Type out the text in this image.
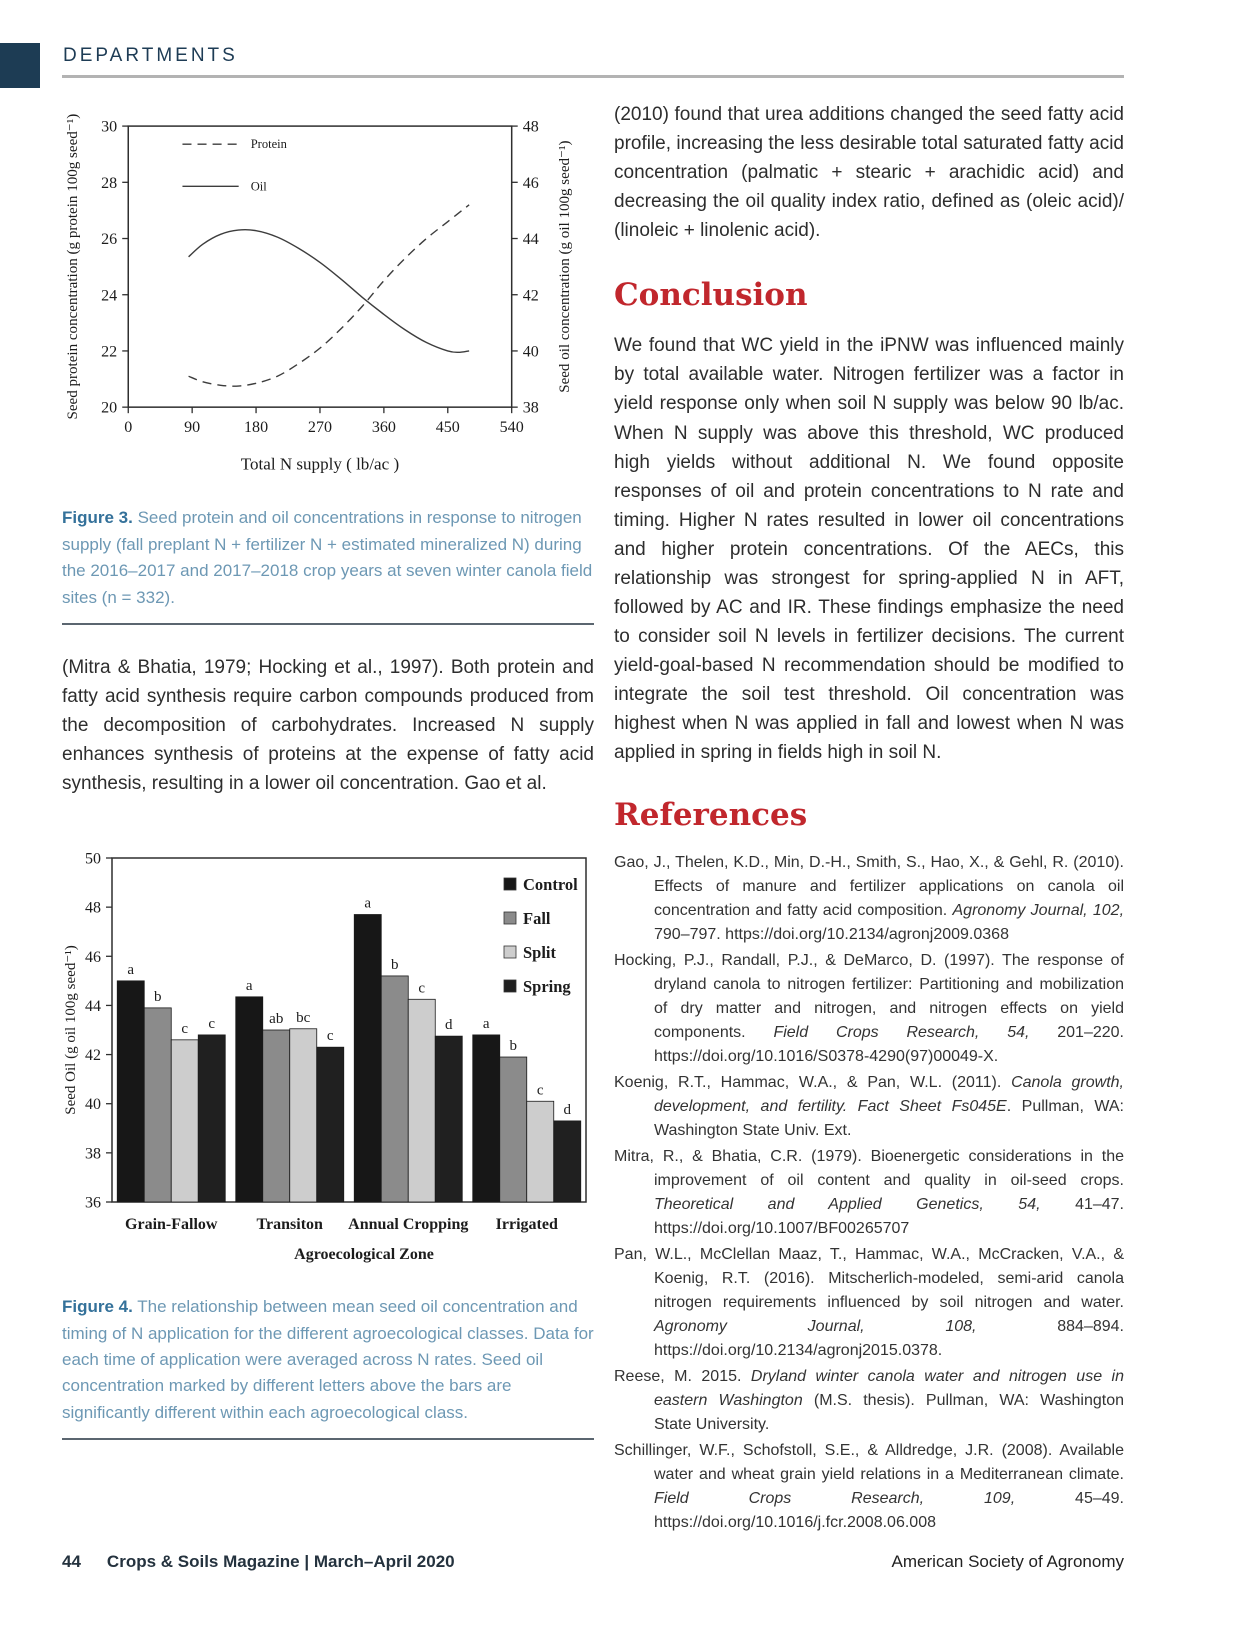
DEPARTMENTS
20
22
24
26
28
30
38
40
42
44
46
48
0	90	180 270 360 450 540
Total N supply ( lb/ac )
Seed protein concentration (g protein 100g seed⁻¹)	Seed oil concentration (g oil 100g seed⁻¹)
Protein
Oil

Figure 3. Seed protein and oil concentrations in response to nitrogen supply (fall preplant N + fertilizer N + estimated mineralized N) during the 2016–2017 and 2017–2018 crop years at seven winter canola field sites (n = 332).

(Mitra & Bhatia, 1979; Hocking et al., 1997). Both protein and fatty acid synthesis require carbon compounds produced from the decomposition of carbohydrates. Increased N supply enhances synthesis of proteins at the expense of fatty acid synthesis, resulting in a lower oil concentration. Gao et al.

36
38
40
42
44
46
48
50
Seed Oil (g oil 100g seed⁻¹)	a
b
c c
Grain-Fallow
a
ab bc
c
Transiton
a
b
c
d
Annual Cropping
a
b
c
d
Irrigated
Agroecological Zone
Control
Fall
Split
Spring

Figure 4. The relationship between mean seed oil concentration and timing of N application for the different agroecological classes. Data for each time of application were averaged across N rates. Seed oil concentration marked by different letters above the bars are significantly different within each agroecological class.

(2010) found that urea additions changed the seed fatty acid profile, increasing the less desirable total saturated fatty acid concentration (palmatic + stearic + arachidic acid) and decreasing the oil quality index ratio, defined as (oleic acid)/ (linoleic + linolenic acid).

Conclusion

We found that WC yield in the iPNW was influenced mainly by total available water. Nitrogen fertilizer was a factor in yield response only when soil N supply was below 90 lb/ac. When N supply was above this threshold, WC produced high yields without additional N. We found opposite responses of oil and protein concentrations to N rate and timing. Higher N rates resulted in lower oil concentrations and higher protein concentrations. Of the AECs, this relationship was strongest for spring-applied N in AFT, followed by AC and IR. These findings emphasize the need to consider soil N levels in fertilizer decisions. The current yield-goal-based N recommendation should be modified to integrate the soil test threshold. Oil concentration was highest when N was applied in fall and lowest when N was applied in spring in fields high in soil N.

References

Gao, J., Thelen, K.D., Min, D.-H., Smith, S., Hao, X., & Gehl, R. (2010). Effects of manure and fertilizer applications on canola oil concentration and fatty acid composition. Agronomy Journal, 102, 790–797. https://doi.org/10.2134/agronj2009.0368

Hocking, P.J., Randall, P.J., & DeMarco, D. (1997). The response of dryland canola to nitrogen fertilizer: Partitioning and mobilization of dry matter and nitrogen, and nitrogen effects on yield components. Field Crops Research, 54, 201–220. https://doi.org/10.1016/S0378-4290(97)00049-X.

Koenig, R.T., Hammac, W.A., & Pan, W.L. (2011). Canola growth, development, and fertility. Fact Sheet Fs045E. Pullman, WA: Washington State Univ. Ext.

Mitra, R., & Bhatia, C.R. (1979). Bioenergetic considerations in the improvement of oil content and quality in oil-seed crops. Theoretical and Applied Genetics, 54, 41–47. https://doi.org/10.1007/BF00265707

Pan, W.L., McClellan Maaz, T., Hammac, W.A., McCracken, V.A., & Koenig, R.T. (2016). Mitscherlich-modeled, semi-arid canola nitrogen requirements influenced by soil nitrogen and water. Agronomy Journal, 108, 884–894. https://doi.org/10.2134/agronj2015.0378.

Reese, M. 2015. Dryland winter canola water and nitrogen use in eastern Washington (M.S. thesis). Pullman, WA: Washington State University.

Schillinger, W.F., Schofstoll, S.E., & Alldredge, J.R. (2008). Available water and wheat grain yield relations in a Mediterranean climate. Field Crops Research, 109, 45–49. https://doi.org/10.1016/j.fcr.2008.06.008

44 Crops & Soils Magazine | March–April 2020	American Society of Agronomy
